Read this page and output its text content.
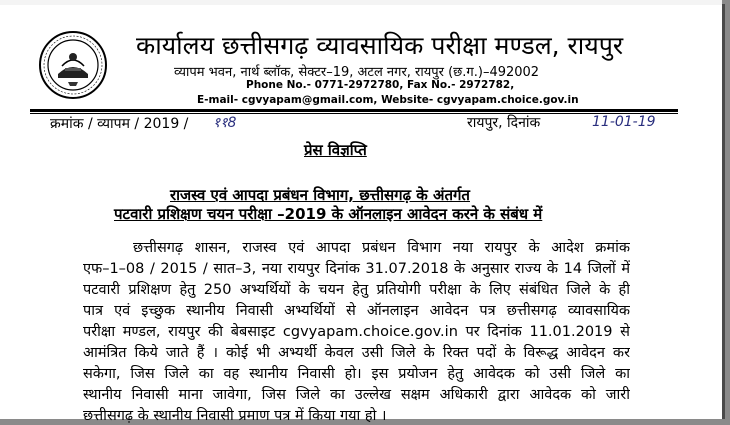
कार्यालय छत्तीसगढ़ व्यावसायिक परीक्षा मण्डल, रायपुर
व्यापम भवन, नार्थ ब्लॉक, सेक्टर–19, अटल नगर, रायपुर (छ.ग.)–492002
Phone No.- 0771-2972780, Fax No.- 2972782,
E-mail- cgvyapam@gmail.com, Website- cgvyapam.choice.gov.in
क्रमांक / व्यापम / 2019 / ११8	रायपुर, दिनांक	11-01-19
प्रेस विज्ञप्ति
राजस्व एवं आपदा प्रबंधन विभाग, छत्तीसगढ़ के अंतर्गत
पटवारी प्रशिक्षण चयन परीक्षा –2019 के ऑनलाइन आवेदन करने के संबंध में
छत्तीसगढ़ शासन, राजस्व एवं आपदा प्रबंधन विभाग नया रायपुर के आदेश क्रमांक
एफ–1–08 / 2015 / सात–3, नया रायपुर दिनांक 31.07.2018 के अनुसार राज्य के 14 जिलों में
पटवारी प्रशिक्षण हेतु 250 अभ्यर्थियों के चयन हेतु प्रतियोगी परीक्षा के लिए संबंधित जिले के ही
पात्र एवं इच्छुक स्थानीय निवासी अभ्यर्थियों से ऑनलाइन आवेदन पत्र छत्तीसगढ़ व्यावसायिक
परीक्षा मण्डल, रायपुर की बेबसाइट cgvyapam.choice.gov.in पर दिनांक 11.01.2019 से
आमंत्रित किये जाते हैं । कोई भी अभ्यर्थी केवल उसी जिले के रिक्त पदों के विरूद्ध आवेदन कर
सकेगा, जिस जिले का वह स्थानीय निवासी हो। इस प्रयोजन हेतु आवेदक को उसी जिले का
स्थानीय निवासी माना जावेगा, जिस जिले का उल्लेख सक्षम अधिकारी द्वारा आवेदक को जारी
छत्तीसगढ़ के स्थानीय निवासी प्रमाण पत्र में किया गया हो ।
